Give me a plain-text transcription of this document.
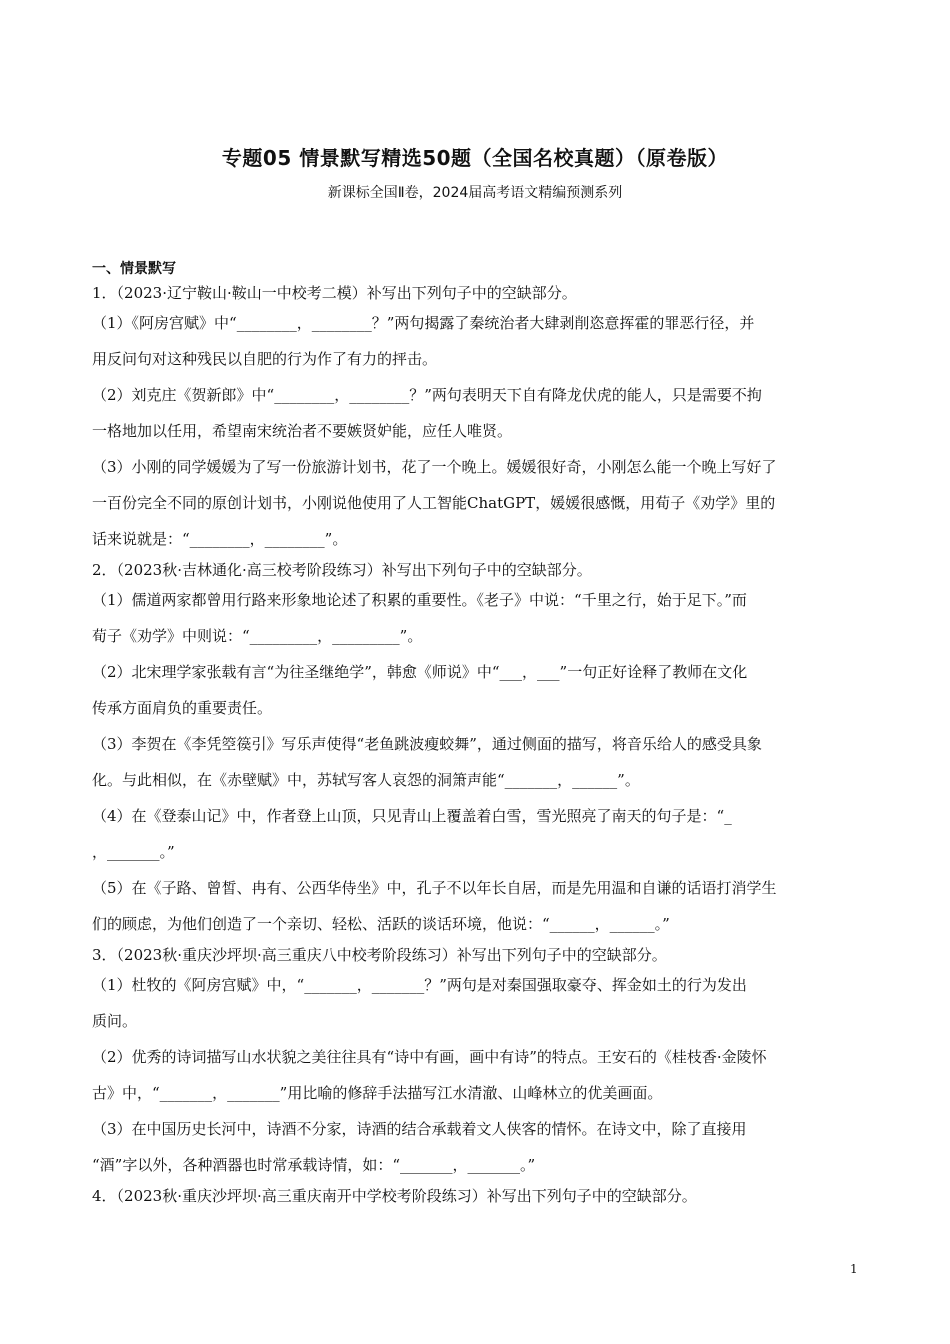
专题05 情景默写精选50题（全国名校真题）（原卷版）
新课标全国Ⅱ卷，2024届高考语文精编预测系列
一、情景默写
1．（2023·辽宁鞍山·鞍山一中校考二模）补写出下列句子中的空缺部分。
（1）《阿房宫赋》中“________，________？”两句揭露了秦统治者大肆剥削恣意挥霍的罪恶行径，并
用反问句对这种残民以自肥的行为作了有力的抨击。
（2）刘克庄《贺新郎》中“________，________？”两句表明天下自有降龙伏虎的能人，只是需要不拘
一格地加以任用，希望南宋统治者不要嫉贤妒能，应任人唯贤。
（3）小刚的同学媛媛为了写一份旅游计划书，花了一个晚上。媛媛很好奇，小刚怎么能一个晚上写好了
一百份完全不同的原创计划书，小刚说他使用了人工智能ChatGPT，媛媛很感慨，用荀子《劝学》里的
话来说就是：“________，________”。
2．（2023秋·吉林通化·高三校考阶段练习）补写出下列句子中的空缺部分。
（1）儒道两家都曾用行路来形象地论述了积累的重要性。《老子》中说：“千里之行，始于足下。”而
荀子《劝学》中则说：“_________，_________”。
（2）北宋理学家张载有言“为往圣继绝学”，韩愈《师说》中“___，___”一句正好诠释了教师在文化
传承方面肩负的重要责任。
（3）李贺在《李凭箜篌引》写乐声使得“老鱼跳波瘦蛟舞”，通过侧面的描写，将音乐给人的感受具象
化。与此相似，在《赤壁赋》中，苏轼写客人哀怨的洞箫声能“_______，______”。
（4）在《登泰山记》中，作者登上山顶，只见青山上覆盖着白雪，雪光照亮了南天的句子是：“_
，_______。”
（5）在《子路、曾皙、冉有、公西华侍坐》中，孔子不以年长自居，而是先用温和自谦的话语打消学生
们的顾虑，为他们创造了一个亲切、轻松、活跃的谈话环境，他说：“______，______。”
3．（2023秋·重庆沙坪坝·高三重庆八中校考阶段练习）补写出下列句子中的空缺部分。
（1）杜牧的《阿房宫赋》中，“_______，_______？”两句是对秦国强取豪夺、挥金如土的行为发出
质问。
（2）优秀的诗词描写山水状貌之美往往具有“诗中有画，画中有诗”的特点。王安石的《桂枝香·金陵怀
古》中，“_______，_______”用比喻的修辞手法描写江水清澈、山峰林立的优美画面。
（3）在中国历史长河中，诗酒不分家，诗酒的结合承载着文人侠客的情怀。在诗文中，除了直接用
“酒”字以外，各种酒器也时常承载诗情，如：“_______，_______。”
4．（2023秋·重庆沙坪坝·高三重庆南开中学校考阶段练习）补写出下列句子中的空缺部分。
1
